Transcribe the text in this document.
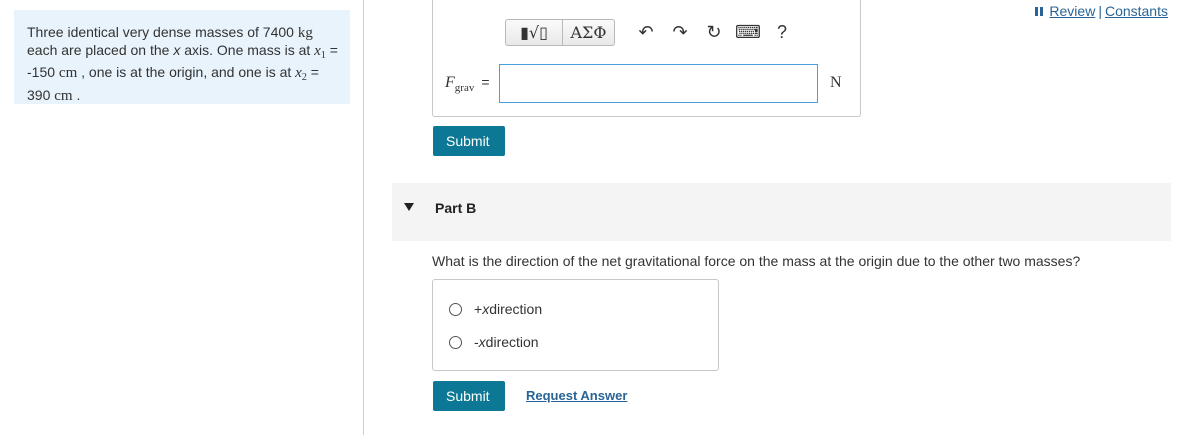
Three identical very dense masses of 7400 kg
each are placed on the x axis. One mass is at $x_1$ =
-150 cm , one is at the origin, and one is at $x_2$ =
390 cm .
Review | Constants
▮√▯	ΑΣΦ	↶	↷	↻ ⌨ ?
$F_{grav}$ =	N
Submit
Part B
What is the direction of the net gravitational force on the mass at the origin due to the other two masses?
+ x direction
- x direction
Submit	Request Answer
